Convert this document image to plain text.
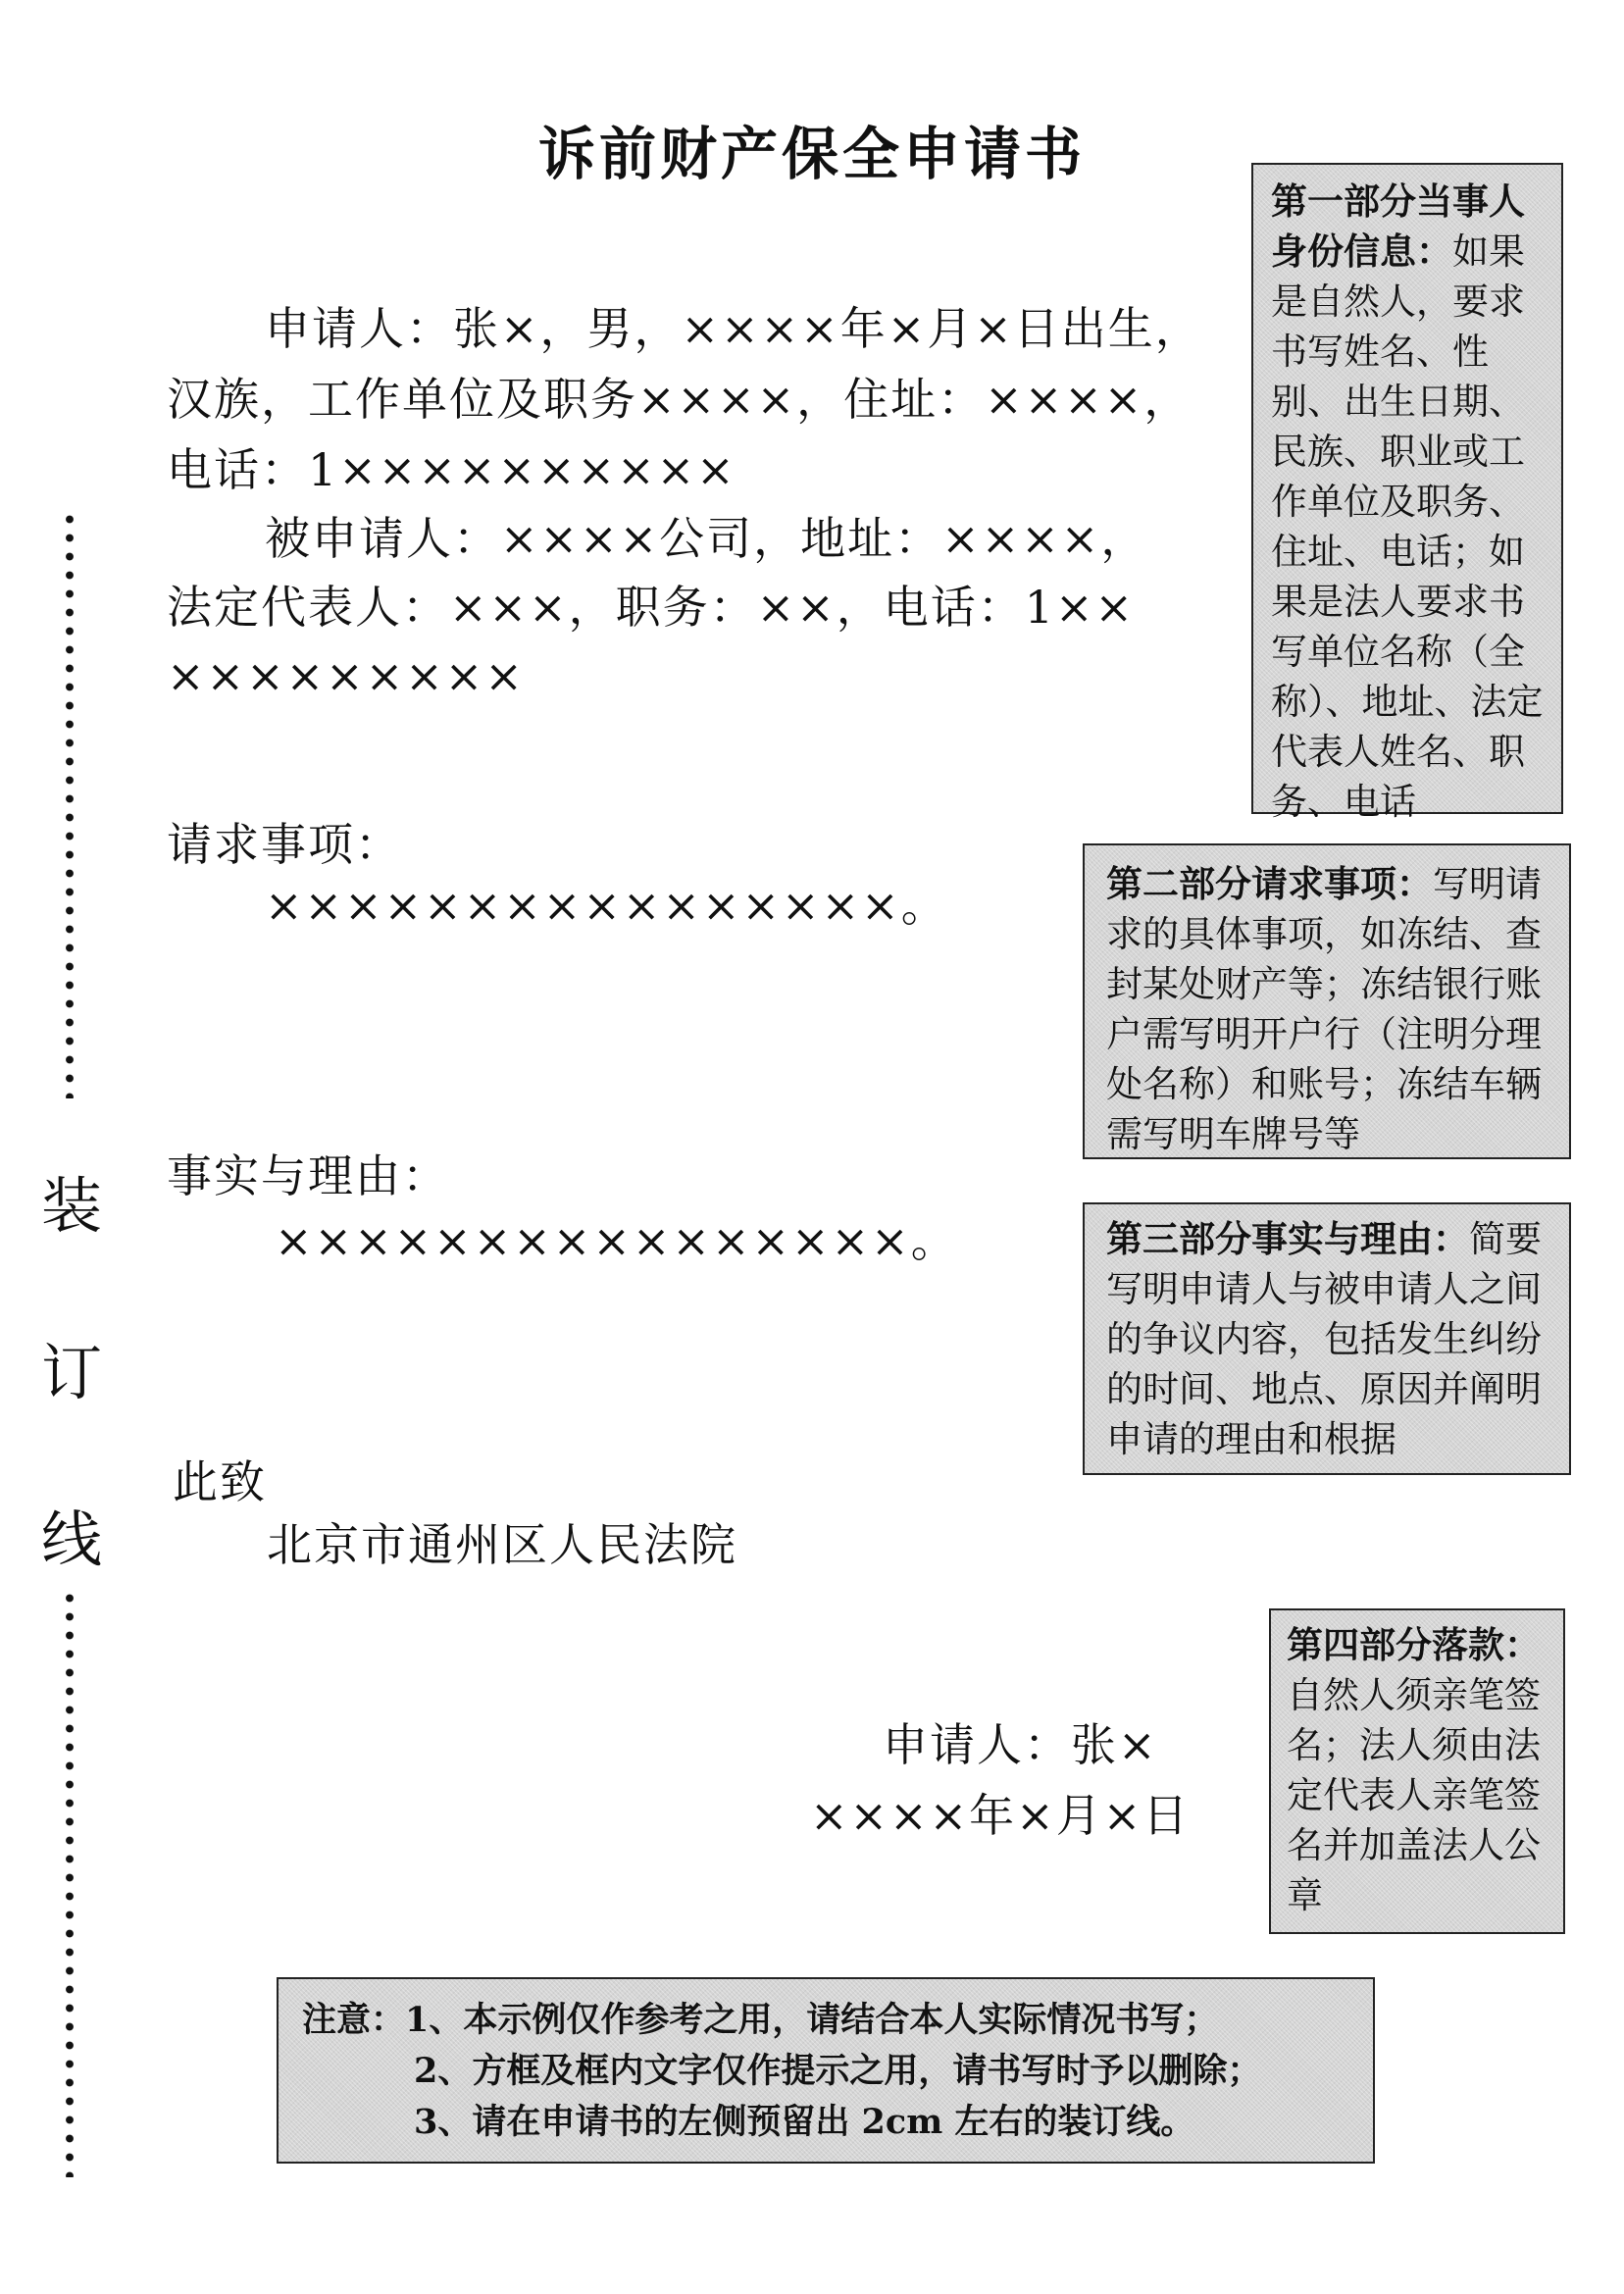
诉前财产保全申请书
申请人：张×，男，××××年×月×日出生，
汉族，工作单位及职务××××，住址：××××，
电话：1××××××××××
被申请人：××××公司，地址：××××，
法定代表人：×××，职务：××，电话：1××
×××××××××
请求事项：
××××××××××××××××。
事实与理由：
××××××××××××××××。
此致
北京市通州区人民法院
申请人：张×
××××年×月×日
装
订
线
第一部分当事人身份信息：如果是自然人，要求书写姓名、性别、出生日期、民族、职业或工作单位及职务、住址、电话；如果是法人要求书写单位名称（全称）、地址、法定代表人姓名、职务、电话
第二部分请求事项：写明请求的具体事项，如冻结、查封某处财产等；冻结银行账户需写明开户行（注明分理处名称）和账号；冻结车辆需写明车牌号等
第三部分事实与理由：简要写明申请人与被申请人之间的争议内容，包括发生纠纷的时间、地点、原因并阐明申请的理由和根据
第四部分落款：自然人须亲笔签名；法人须由法定代表人亲笔签名并加盖法人公章
注意：1、本示例仅作参考之用，请结合本人实际情况书写；
2、方框及框内文字仅作提示之用，请书写时予以删除；
3、请在申请书的左侧预留出 2cm 左右的装订线。
